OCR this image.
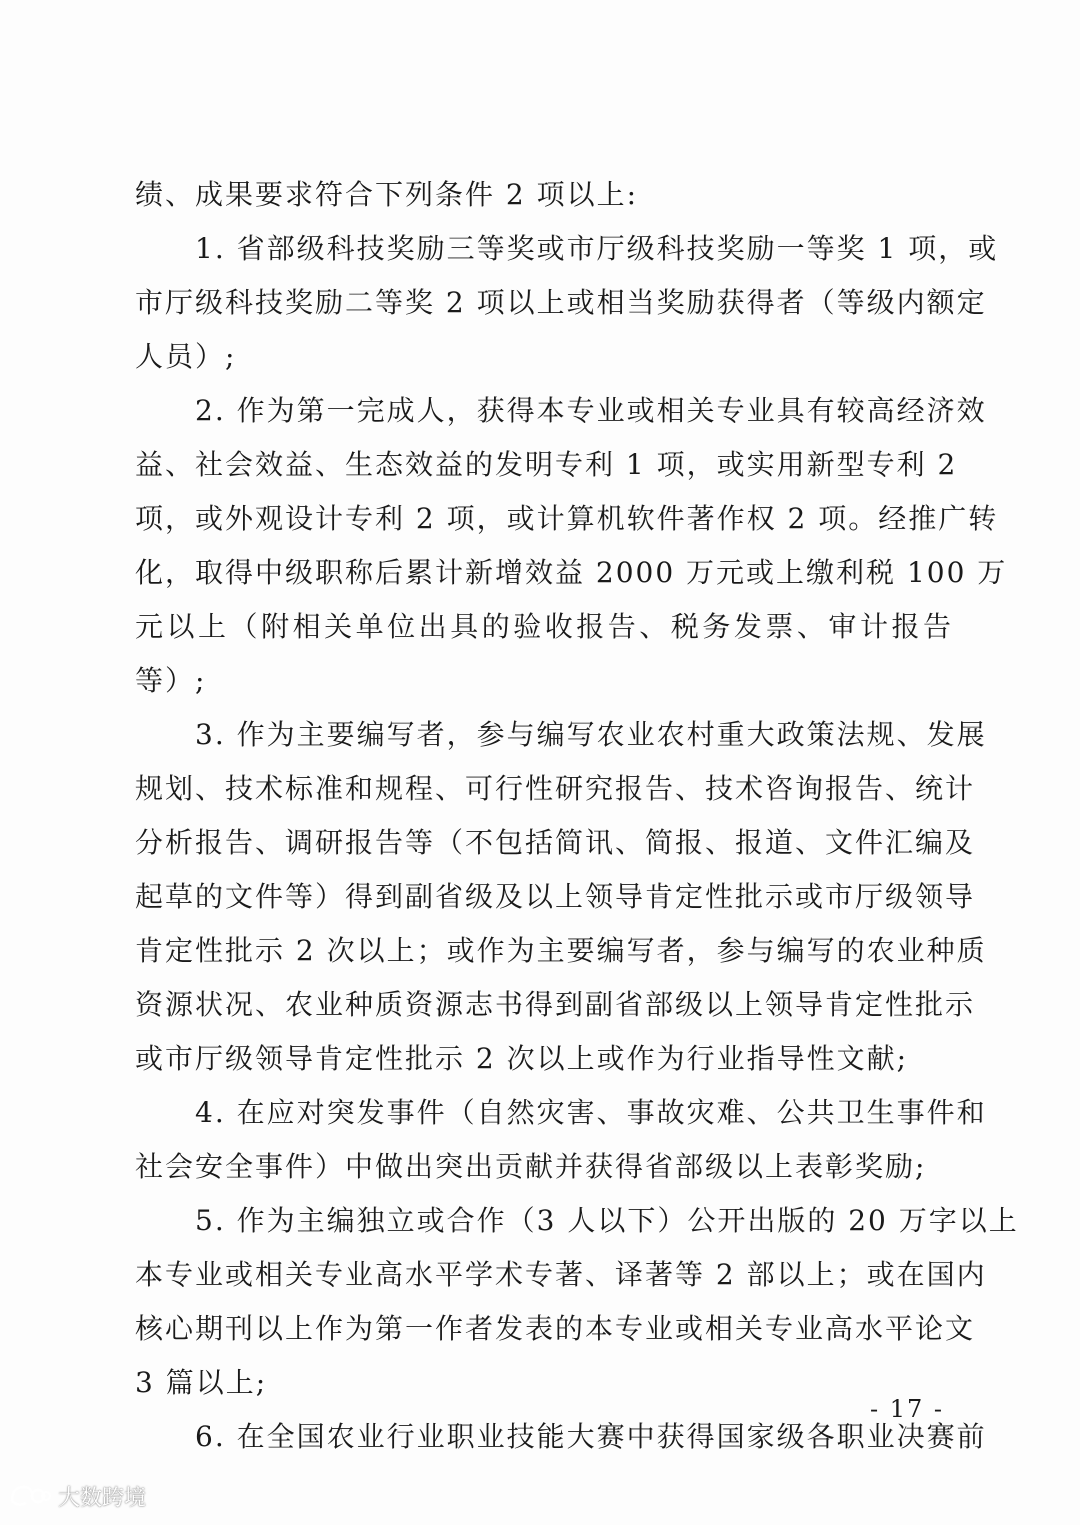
绩、成果要求符合下列条件 2 项以上:
1. 省部级科技奖励三等奖或市厅级科技奖励一等奖 1 项，或
市厅级科技奖励二等奖 2 项以上或相当奖励获得者（等级内额定
人员）;
2. 作为第一完成人，获得本专业或相关专业具有较高经济效
益、社会效益、生态效益的发明专利 1 项，或实用新型专利 2
项，或外观设计专利 2 项，或计算机软件著作权 2 项。经推广转
化，取得中级职称后累计新增效益 2000 万元或上缴利税 100 万
元以上（附相关单位出具的验收报告、税务发票、审计报告
等）;
3. 作为主要编写者，参与编写农业农村重大政策法规、发展
规划、技术标准和规程、可行性研究报告、技术咨询报告、统计
分析报告、调研报告等（不包括简讯、简报、报道、文件汇编及
起草的文件等）得到副省级及以上领导肯定性批示或市厅级领导
肯定性批示 2 次以上；或作为主要编写者，参与编写的农业种质
资源状况、农业种质资源志书得到副省部级以上领导肯定性批示
或市厅级领导肯定性批示 2 次以上或作为行业指导性文献;
4. 在应对突发事件（自然灾害、事故灾难、公共卫生事件和
社会安全事件）中做出突出贡献并获得省部级以上表彰奖励;
5. 作为主编独立或合作（3 人以下）公开出版的 20 万字以上
本专业或相关专业高水平学术专著、译著等 2 部以上；或在国内
核心期刊以上作为第一作者发表的本专业或相关专业高水平论文
3 篇以上;
6. 在全国农业行业职业技能大赛中获得国家级各职业决赛前
- 17 -
大数跨境
